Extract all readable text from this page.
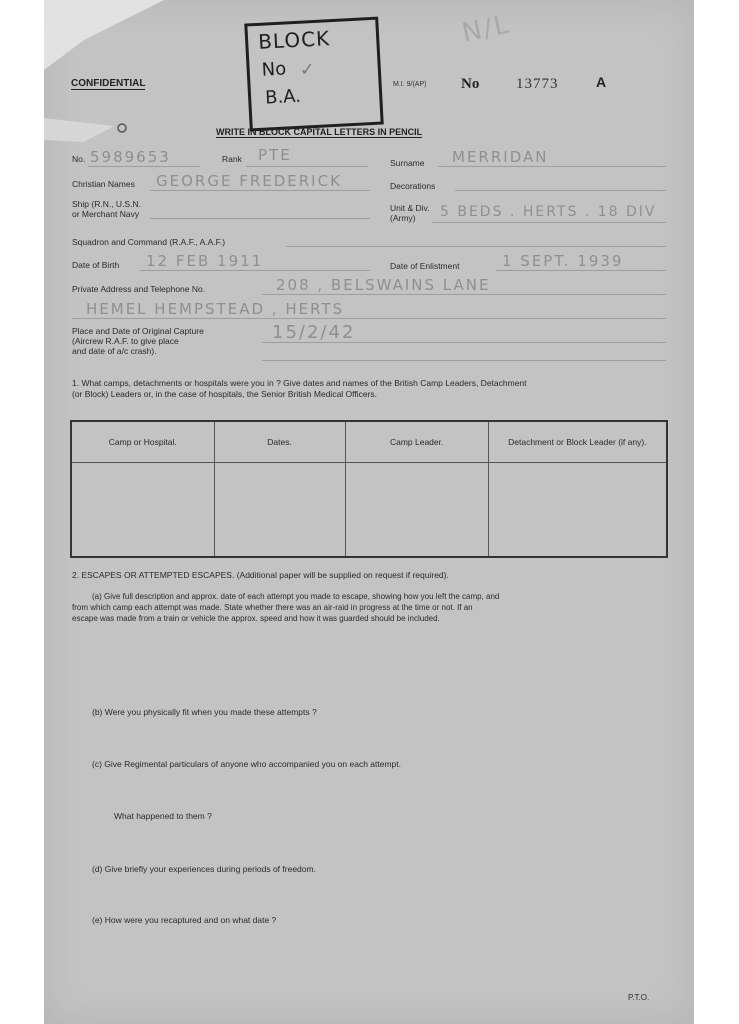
CONFIDENTIAL	M.I. 9/(AP) No 13773	A
N/L
WRITE IN BLOCK CAPITAL LETTERS IN PENCIL
BLOCK
No ✓
B.A.
No. 5989653	Rank PTE	Surname MERRIDAN
Christian Names GEORGE FREDERICK	Decorations
Ship (R.N., U.S.N.
or Merchant Navy
Unit & Div.
(Army) 5 BEDS . HERTS . 18 DIV
Squadron and Command (R.A.F., A.A.F.)
Date of Birth 12 FEB 1911	Date of Enlistment	1 SEPT. 1939
Private Address and Telephone No.	208 , BELSWAINS LANE
HEMEL HEMPSTEAD , HERTS
Place and Date of Original Capture
(Aircrew R.A.F. to give place
and date of a/c crash).
15/2/42
1. What camps, detachments or hospitals were you in ? Give dates and names of the British Camp Leaders, Detachment
(or Block) Leaders or, in the case of hospitals, the Senior British Medical Officers.
Camp or Hospital.	Dates.	Camp Leader.	Detachment or Block Leader (if any).

2. ESCAPES OR ATTEMPTED ESCAPES. (Additional paper will be supplied on request if required).
(a) Give full description and approx. date of each attempt you made to escape, showing how you left the camp, and
from which camp each attempt was made. State whether there was an air-raid in progress at the time or not. If an
escape was made from a train or vehicle the approx. speed and how it was guarded should be included.
(b) Were you physically fit when you made these attempts ?
(c) Give Regimental particulars of anyone who accompanied you on each attempt.
What happened to them ?
(d) Give briefly your experiences during periods of freedom.
(e) How were you recaptured and on what date ?
P.T.O.
